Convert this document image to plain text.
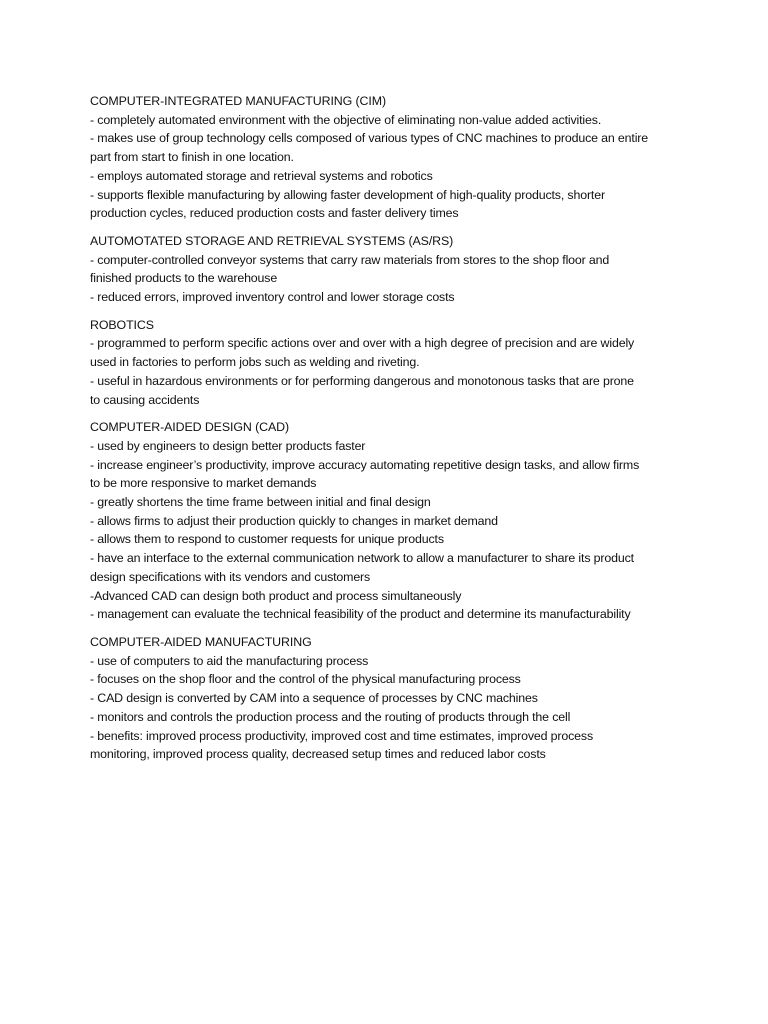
COMPUTER-INTEGRATED MANUFACTURING (CIM)
- completely automated environment with the objective of eliminating non-value added activities.
- makes use of group technology cells composed of various types of CNC machines to produce an entire
part from start to finish in one location.
- employs automated storage and retrieval systems and robotics
- supports flexible manufacturing by allowing faster development of high-quality products, shorter
production cycles, reduced production costs and faster delivery times
AUTOMOTATED STORAGE AND RETRIEVAL SYSTEMS (AS/RS)
- computer-controlled conveyor systems that carry raw materials from stores to the shop floor and
finished products to the warehouse
- reduced errors, improved inventory control and lower storage costs
ROBOTICS
- programmed to perform specific actions over and over with a high degree of precision and are widely
used in factories to perform jobs such as welding and riveting.
- useful in hazardous environments or for performing dangerous and monotonous tasks that are prone
to causing accidents
COMPUTER-AIDED DESIGN (CAD)
- used by engineers to design better products faster
- increase engineer’s productivity, improve accuracy automating repetitive design tasks, and allow firms
to be more responsive to market demands
- greatly shortens the time frame between initial and final design
- allows firms to adjust their production quickly to changes in market demand
- allows them to respond to customer requests for unique products
- have an interface to the external communication network to allow a manufacturer to share its product
design specifications with its vendors and customers
-Advanced CAD can design both product and process simultaneously
- management can evaluate the technical feasibility of the product and determine its manufacturability
COMPUTER-AIDED MANUFACTURING
- use of computers to aid the manufacturing process
- focuses on the shop floor and the control of the physical manufacturing process
- CAD design is converted by CAM into a sequence of processes by CNC machines
- monitors and controls the production process and the routing of products through the cell
- benefits: improved process productivity, improved cost and time estimates, improved process
monitoring, improved process quality, decreased setup times and reduced labor costs
